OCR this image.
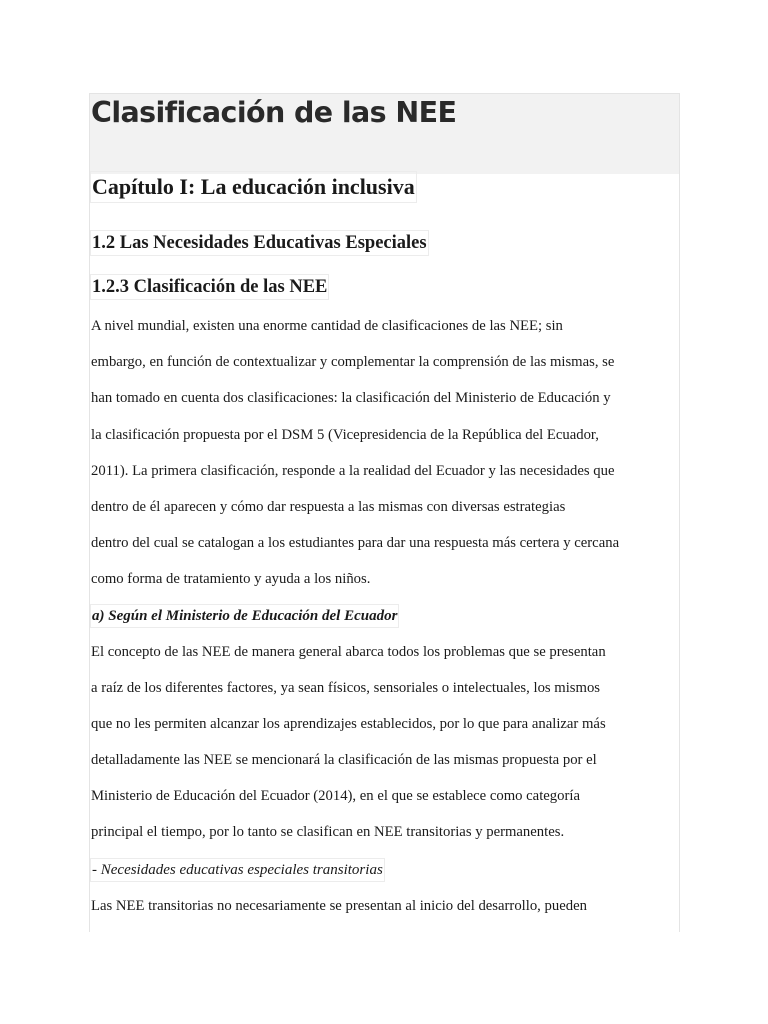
Clasificación de las NEE
Capítulo I: La educación inclusiva
1.2 Las Necesidades Educativas Especiales
1.2.3 Clasificación de las NEE
A nivel mundial, existen una enorme cantidad de clasificaciones de las NEE; sin
embargo, en función de contextualizar y complementar la comprensión de las mismas, se
han tomado en cuenta dos clasificaciones: la clasificación del Ministerio de Educación y
la clasificación propuesta por el DSM 5 (Vicepresidencia de la República del Ecuador,
2011). La primera clasificación, responde a la realidad del Ecuador y las necesidades que
dentro de él aparecen y cómo dar respuesta a las mismas con diversas estrategias
dentro del cual se catalogan a los estudiantes para dar una respuesta más certera y cercana
como forma de tratamiento y ayuda a los niños.
a) Según el Ministerio de Educación del Ecuador
El concepto de las NEE de manera general abarca todos los problemas que se presentan
a raíz de los diferentes factores, ya sean físicos, sensoriales o intelectuales, los mismos
que no les permiten alcanzar los aprendizajes establecidos, por lo que para analizar más
detalladamente las NEE se mencionará la clasificación de las mismas propuesta por el
Ministerio de Educación del Ecuador (2014), en el que se establece como categoría
principal el tiempo, por lo tanto se clasifican en NEE transitorias y permanentes.
- Necesidades educativas especiales transitorias
Las NEE transitorias no necesariamente se presentan al inicio del desarrollo, pueden
